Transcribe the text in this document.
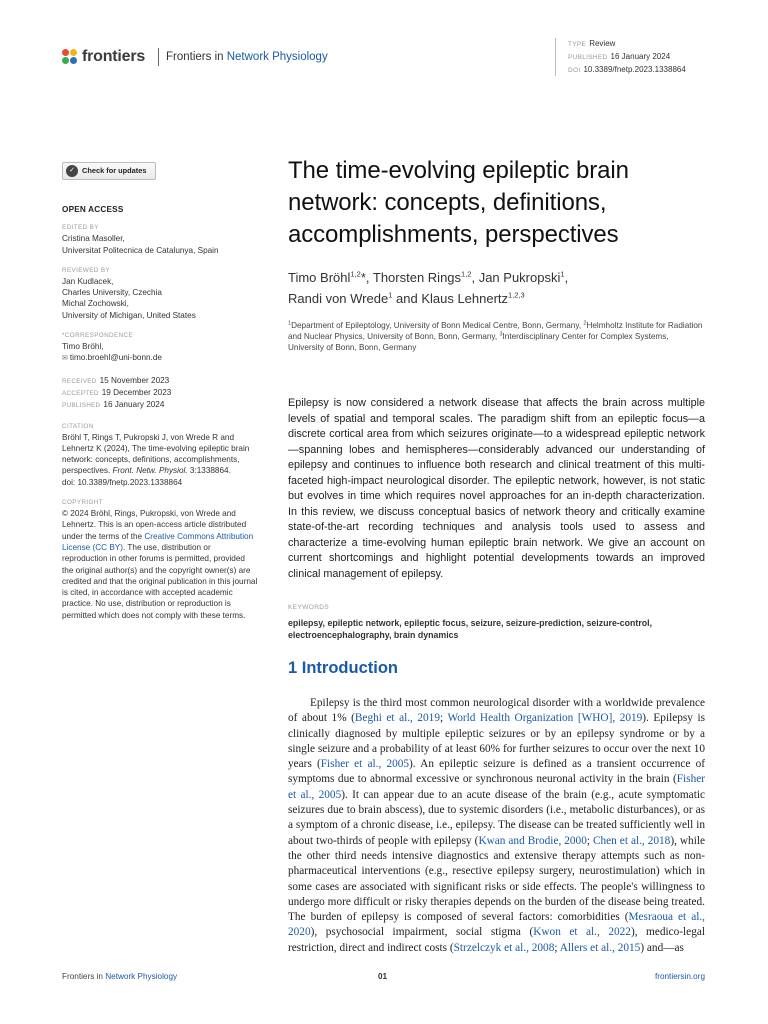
frontiers Frontiers in Network Physiology
TYPE Review
PUBLISHED 16 January 2024
DOI 10.3389/fnetp.2023.1338864
✓ Check for updates
OPEN ACCESS
EDITED BY
Cristina Masoller,
Universitat Politecnica de Catalunya, Spain
REVIEWED BY
Jan Kudlacek,
Charles University, Czechia
Michal Zochowski,
University of Michigan, United States
*CORRESPONDENCE
Timo Bröhl,
✉ timo.broehl@uni-bonn.de
RECEIVED 15 November 2023
ACCEPTED 19 December 2023
PUBLISHED 16 January 2024
CITATION
Bröhl T, Rings T, Pukropski J, von Wrede R and Lehnertz K (2024), The time-evolving epileptic brain network: concepts, definitions, accomplishments, perspectives. Front. Netw. Physiol. 3:1338864.
doi: 10.3389/fnetp.2023.1338864
COPYRIGHT
© 2024 Bröhl, Rings, Pukropski, von Wrede and Lehnertz. This is an open-access article distributed under the terms of the Creative Commons Attribution License (CC BY). The use, distribution or reproduction in other forums is permitted, provided the original author(s) and the copyright owner(s) are credited and that the original publication in this journal is cited, in accordance with accepted academic practice. No use, distribution or reproduction is permitted which does not comply with these terms.
The time-evolving epileptic brain network: concepts, definitions, accomplishments, perspectives
Timo Bröhl$^{1,2}$*, Thorsten Rings$^{1,2}$, Jan Pukropski$^1$,
Randi von Wrede$^1$ and Klaus Lehnertz$^{1,2,3}$
$^1$Department of Epileptology, University of Bonn Medical Centre, Bonn, Germany, $^2$Helmholtz Institute for Radiation and Nuclear Physics, University of Bonn, Bonn, Germany, $^3$Interdisciplinary Center for Complex Systems, University of Bonn, Bonn, Germany

Epilepsy is now considered a network disease that affects the brain across multiple levels of spatial and temporal scales. The paradigm shift from an epileptic focus—a discrete cortical area from which seizures originate—to a widespread epileptic network—spanning lobes and hemispheres—considerably advanced our understanding of epilepsy and continues to influence both research and clinical treatment of this multi-faceted high-impact neurological disorder. The epileptic network, however, is not static but evolves in time which requires novel approaches for an in-depth characterization. In this review, we discuss conceptual basics of network theory and critically examine state-of-the-art recording techniques and analysis tools used to assess and characterize a time-evolving human epileptic brain network. We give an account on current shortcomings and highlight potential developments towards an improved clinical management of epilepsy.

KEYWORDS
epilepsy, epileptic network, epileptic focus, seizure, seizure-prediction, seizure-control, electroencephalography, brain dynamics
1 Introduction

Epilepsy is the third most common neurological disorder with a worldwide prevalence of about 1% (Beghi et al., 2019; World Health Organization [WHO], 2019). Epilepsy is clinically diagnosed by multiple epileptic seizures or by an epilepsy syndrome or by a single seizure and a probability of at least 60% for further seizures to occur over the next 10 years (Fisher et al., 2005). An epileptic seizure is defined as a transient occurrence of symptoms due to abnormal excessive or synchronous neuronal activity in the brain (Fisher et al., 2005). It can appear due to an acute disease of the brain (e.g., acute symptomatic seizures due to brain abscess), due to systemic disorders (i.e., metabolic disturbances), or as a symptom of a chronic disease, i.e., epilepsy. The disease can be treated sufficiently well in about two-thirds of people with epilepsy (Kwan and Brodie, 2000; Chen et al., 2018), while the other third needs intensive diagnostics and extensive therapy attempts such as non-pharmaceutical interventions (e.g., resective epilepsy surgery, neurostimulation) which in some cases are associated with significant risks or side effects. The people's willingness to undergo more difficult or risky therapies depends on the burden of the disease being treated. The burden of epilepsy is composed of several factors: comorbidities (Mesraoua et al., 2020), psychosocial impairment, social stigma (Kwon et al., 2022), medico-legal restriction, direct and indirect costs (Strzelczyk et al., 2008; Allers et al., 2015) and—as

Frontiers in Network Physiology	01	frontiersin.org
